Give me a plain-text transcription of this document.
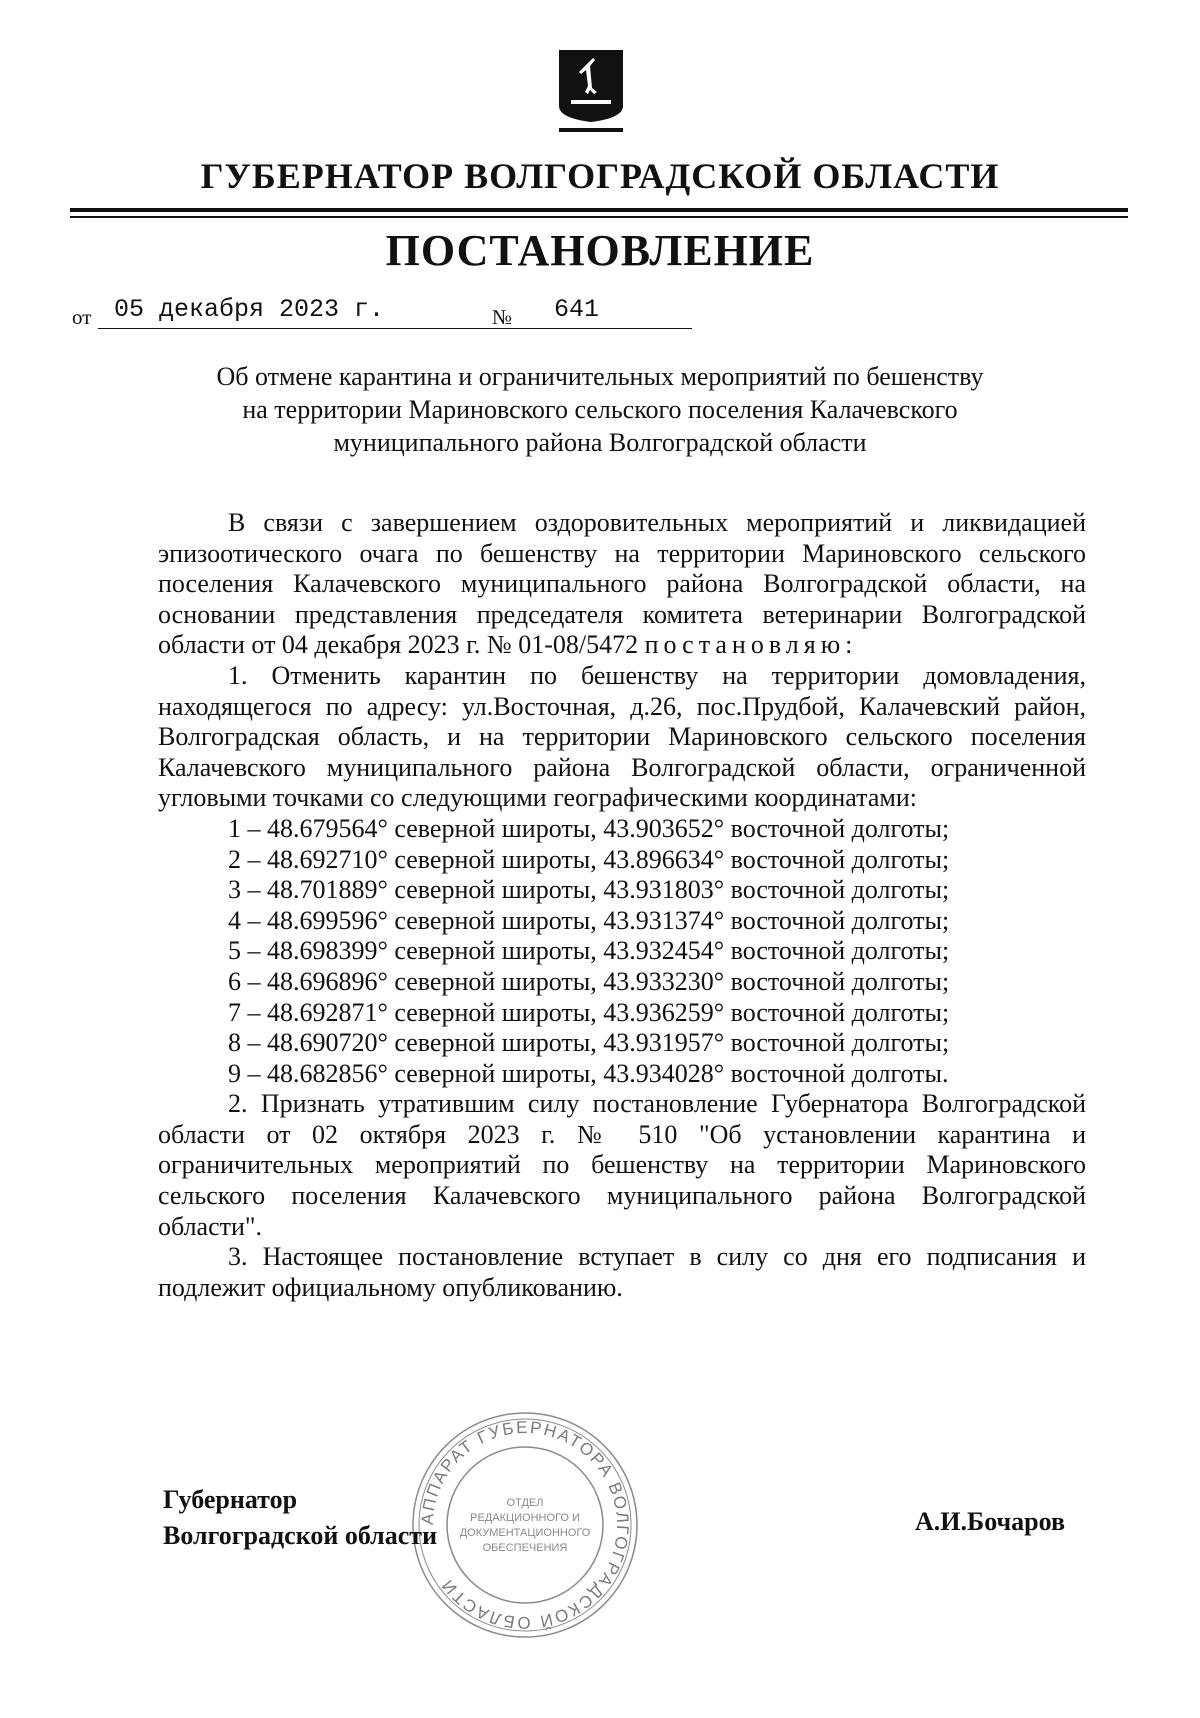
ГУБЕРНАТОР ВОЛГОГРАДСКОЙ ОБЛАСТИ
ПОСТАНОВЛЕНИЕ
от 05 декабря 2023 г.	№ 641
Об отмене карантина и ограничительных мероприятий по бешенству
на территории Мариновского сельского поселения Калачевского
муниципального района Волгоградской области

В связи с завершением оздоровительных мероприятий и ликвидацией эпизоотического очага по бешенству на территории Мариновского сельского поселения Калачевского муниципального района Волгоградской области, на основании представления председателя комитета ветеринарии Волгоградской области от 04 декабря 2023 г. № 01-08/5472 постановляю:

1. Отменить карантин по бешенству на территории домовладения, находящегося по адресу: ул.Восточная, д.26, пос.Прудбой, Калачевский район, Волгоградская область, и на территории Мариновского сельского поселения Калачевского муниципального района Волгоградской области, ограниченной угловыми точками со следующими географическими координатами:

1 – 48.679564° северной широты, 43.903652° восточной долготы;

2 – 48.692710° северной широты, 43.896634° восточной долготы;

3 – 48.701889° северной широты, 43.931803° восточной долготы;

4 – 48.699596° северной широты, 43.931374° восточной долготы;

5 – 48.698399° северной широты, 43.932454° восточной долготы;

6 – 48.696896° северной широты, 43.933230° восточной долготы;

7 – 48.692871° северной широты, 43.936259° восточной долготы;

8 – 48.690720° северной широты, 43.931957° восточной долготы;

9 – 48.682856° северной широты, 43.934028° восточной долготы.

2. Признать утратившим силу постановление Губернатора Волгоградской области от 02 октября 2023 г. № 510 "Об установлении карантина и ограничительных мероприятий по бешенству на территории Мариновского сельского поселения Калачевского муниципального района Волгоградской области".

3. Настоящее постановление вступает в силу со дня его подписания и подлежит официальному опубликованию.

АППАРАТ ГУБЕРНАТОРА ВОЛГОГРАДСКОЙ ОБЛАСТИ
ОТДЕЛ
РЕДАКЦИОННОГО И
ДОКУМЕНТАЦИОННОГО
ОБЕСПЕЧЕНИЯ
Губернатор
Волгоградской области	А.И.Бочаров
